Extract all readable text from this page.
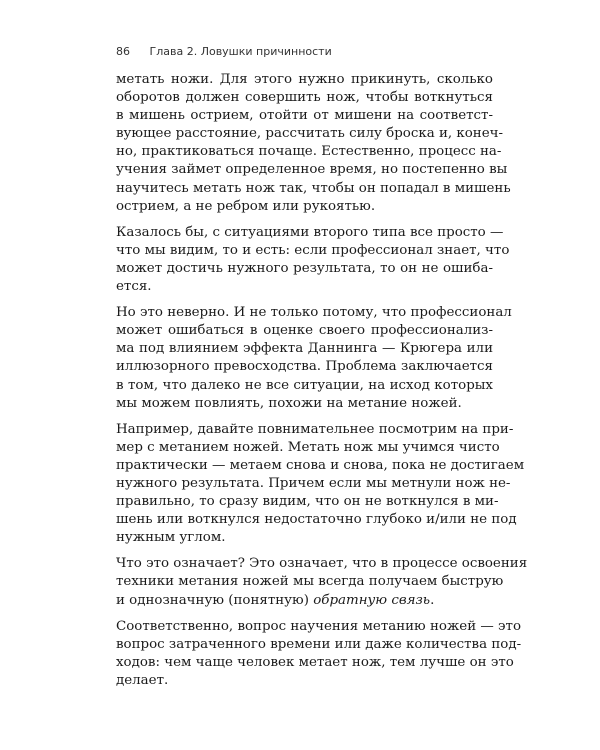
86 Глава 2. Ловушки причинности

метать ножи. Для этого нужно прикинуть, сколько
оборотов должен совершить нож, чтобы воткнуться
в мишень острием, отойти от мишени на соответст-
вующее расстояние, рассчитать силу броска и, конеч-
но, практиковаться почаще. Естественно, процесс на-
учения займет определенное время, но постепенно вы
научитесь метать нож так, чтобы он попадал в мишень
острием, а не ребром или рукоятью.

Казалось бы, с ситуациями второго типа все просто —
что мы видим, то и есть: если профессионал знает, что
может достичь нужного результата, то он не ошиба-
ется.

Но это неверно. И не только потому, что профессионал
может ошибаться в оценке своего профессионализ-
ма под влиянием эффекта Даннинга — Крюгера или
иллюзорного превосходства. Проблема заключается
в том, что далеко не все ситуации, на исход которых
мы можем повлиять, похожи на метание ножей.

Например, давайте повнимательнее посмотрим на при-
мер с метанием ножей. Метать нож мы учимся чисто
практически — метаем снова и снова, пока не достигаем
нужного результата. Причем если мы метнули нож не-
правильно, то сразу видим, что он не воткнулся в ми-
шень или воткнулся недостаточно глубоко и/или не под
нужным углом.

Что это означает? Это означает, что в процессе освоения
техники метания ножей мы всегда получаем быструю
и однозначную (понятную) обратную связь.

Соответственно, вопрос научения метанию ножей — это
вопрос затраченного времени или даже количества под-
ходов: чем чаще человек метает нож, тем лучше он это
делает.
